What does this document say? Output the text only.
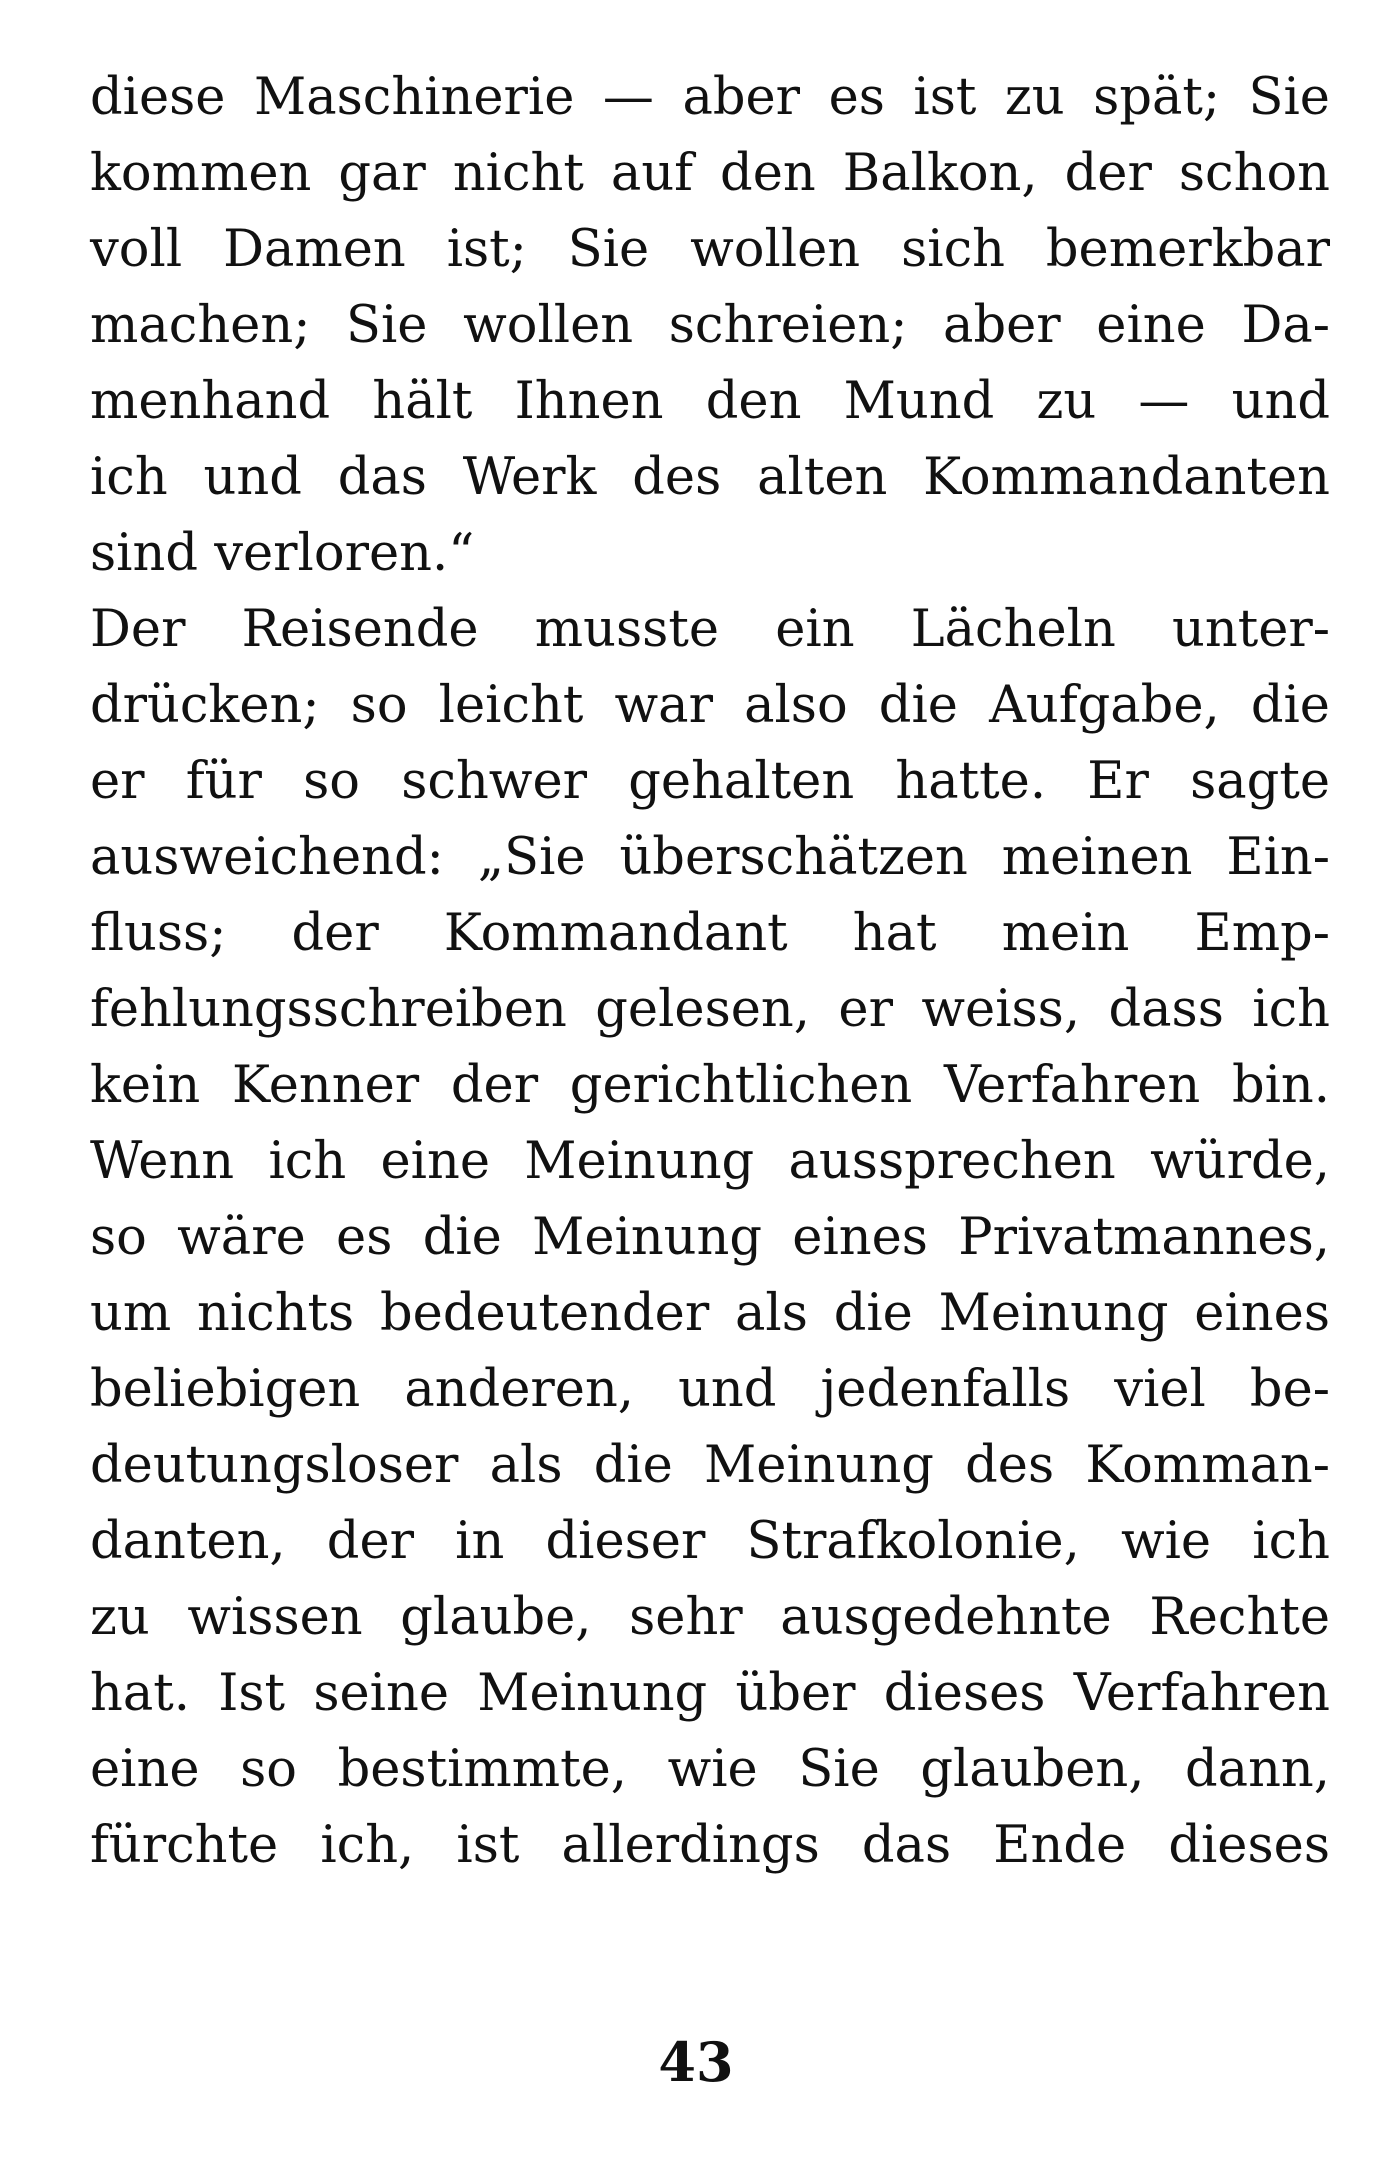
diese Maschinerie — aber es ist zu spät; Sie
kommen gar nicht auf den Balkon, der schon
voll Damen ist; Sie wollen sich bemerkbar
machen; Sie wollen schreien; aber eine Da-
menhand hält Ihnen den Mund zu — und
ich und das Werk des alten Kommandanten
sind verloren.“
Der Reisende musste ein Lächeln unter-
drücken; so leicht war also die Aufgabe, die
er für so schwer gehalten hatte. Er sagte
ausweichend: „Sie überschätzen meinen Ein-
fluss; der Kommandant hat mein Emp-
fehlungsschreiben gelesen, er weiss, dass ich
kein Kenner der gerichtlichen Verfahren bin.
Wenn ich eine Meinung aussprechen würde,
so wäre es die Meinung eines Privatmannes,
um nichts bedeutender als die Meinung eines
beliebigen anderen, und jedenfalls viel be-
deutungsloser als die Meinung des Komman-
danten, der in dieser Strafkolonie, wie ich
zu wissen glaube, sehr ausgedehnte Rechte
hat. Ist seine Meinung über dieses Verfahren
eine so bestimmte, wie Sie glauben, dann,
fürchte ich, ist allerdings das Ende dieses
43
